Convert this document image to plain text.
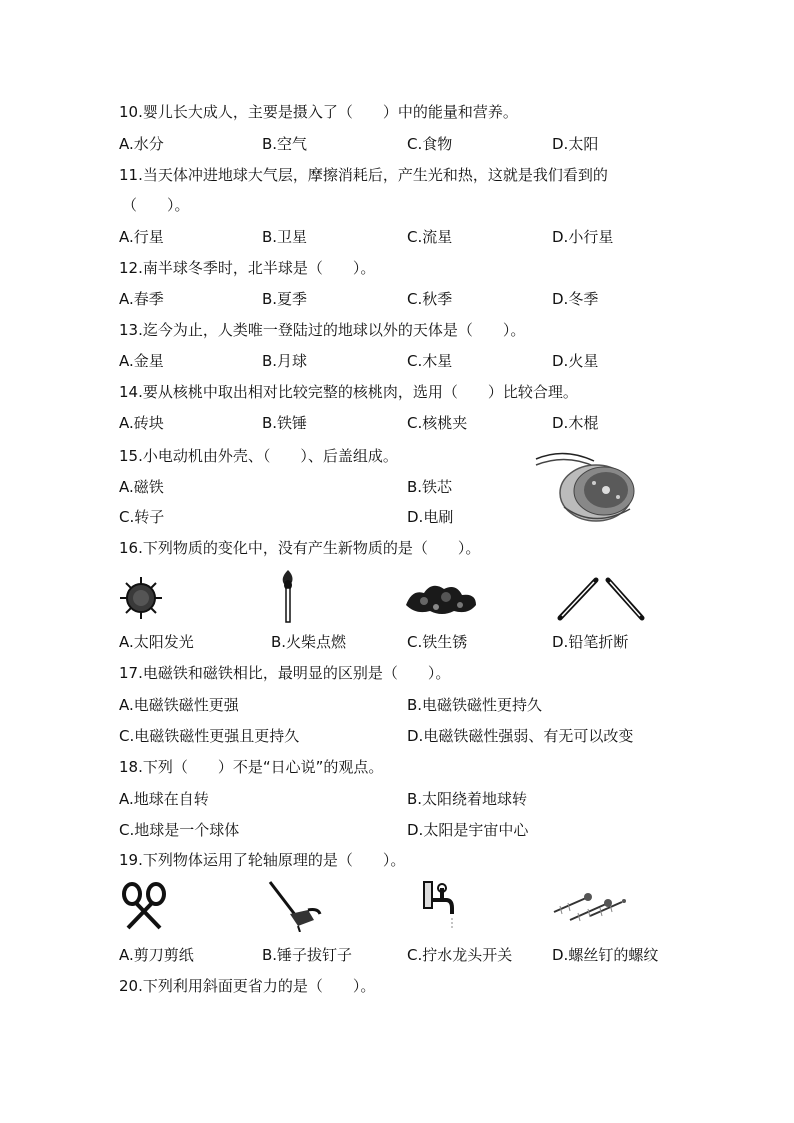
10.婴儿长大成人，主要是摄入了（　　）中的能量和营养。
A.水分	B.空气	C.食物	D.太阳
11.当天体冲进地球大气层，摩擦消耗后，产生光和热，这就是我们看到的
（　　）。
A.行星	B.卫星	C.流星	D.小行星
12.南半球冬季时，北半球是（　　）。
A.春季	B.夏季	C.秋季	D.冬季
13.迄今为止，人类唯一登陆过的地球以外的天体是（　　）。
A.金星	B.月球	C.木星	D.火星
14.要从核桃中取出相对比较完整的核桃肉，选用（　　）比较合理。
A.砖块	B.铁锤	C.核桃夹	D.木棍
15.小电动机由外壳、（　　）、后盖组成。
A.磁铁	B.铁芯
C.转子	D.电刷
16.下列物质的变化中，没有产生新物质的是（　　）。
A.太阳发光	B.火柴点燃	C.铁生锈	D.铅笔折断
17.电磁铁和磁铁相比，最明显的区别是（　　）。
A.电磁铁磁性更强	B.电磁铁磁性更持久
C.电磁铁磁性更强且更持久	D.电磁铁磁性强弱、有无可以改变
18.下列（　　）不是“日心说”的观点。
A.地球在自转	B.太阳绕着地球转
C.地球是一个球体	D.太阳是宇宙中心
19.下列物体运用了轮轴原理的是（　　）。
A.剪刀剪纸	B.锤子拔钉子	C.拧水龙头开关	D.螺丝钉的螺纹
20.下列利用斜面更省力的是（　　）。
